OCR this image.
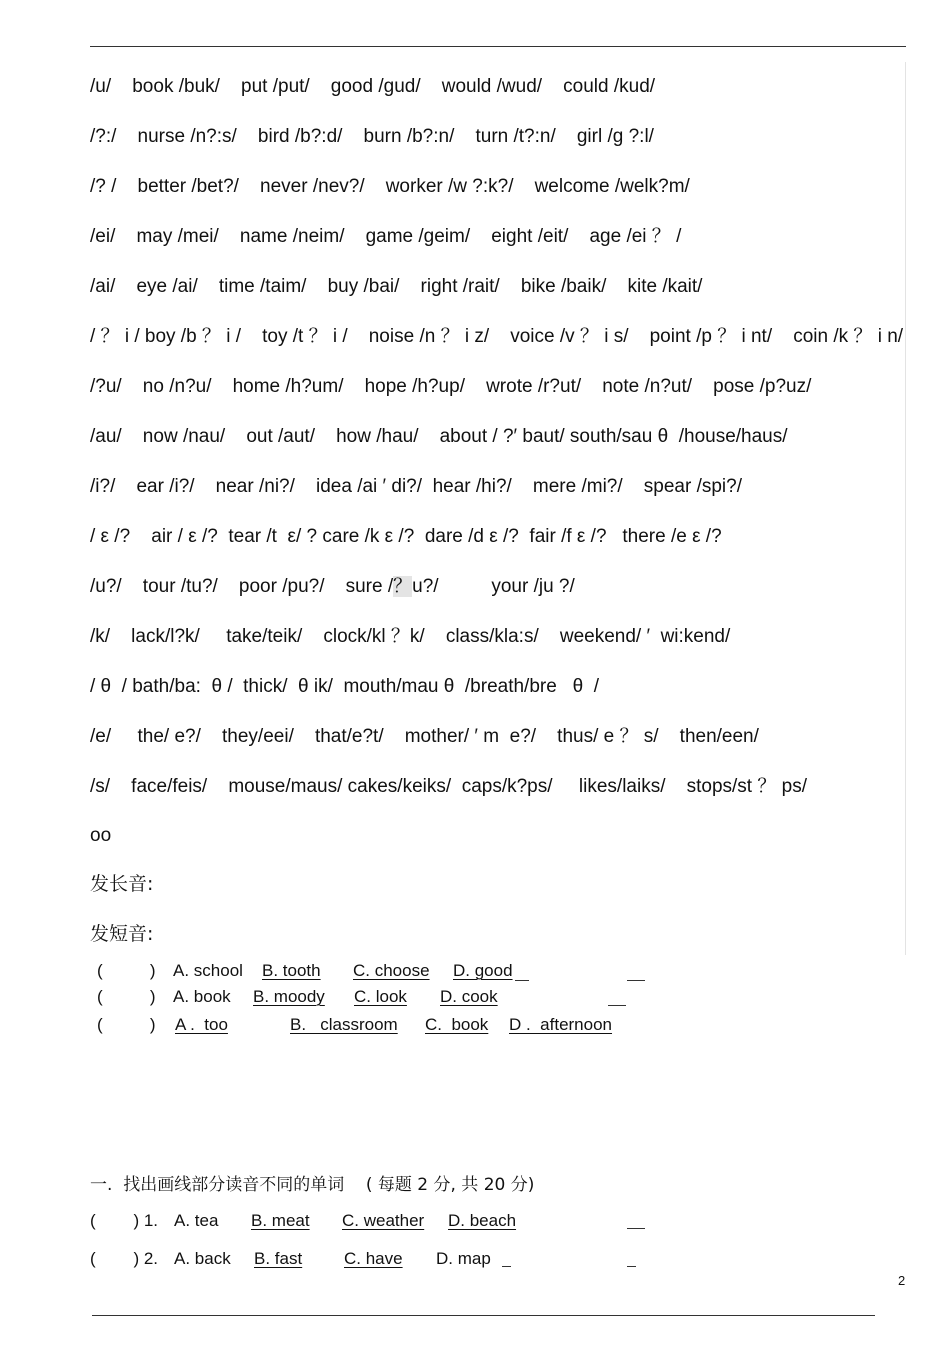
/u/    book /buk/    put /put/    good /gud/    would /wud/    could /kud/
/?:/    nurse /n?:s/    bird /b?:d/    burn /b?:n/    turn /t?:n/    girl /g ?:l/
/? /    better /bet?/    never /nev?/    worker /w ?:k?/    welcome /welk?m/
/ei/    may /mei/    name /neim/    game /geim/    eight /eit/    age /ei ？ /
/ai/    eye /ai/    time /taim/    buy /bai/    right /rait/    bike /baik/    kite /kait/
/ ？ i / boy /b ？ i /    toy /t ？ i /    noise /n ？ i z/    voice /v ？ i s/    point /p ？ i nt/    coin /k ？ i n/
/?u/    no /n?u/    home /h?um/    hope /h?up/    wrote /r?ut/    note /n?ut/    pose /p?uz/
/au/    now /nau/    out /aut/    how /hau/    about / ?′ baut/ south/sau θ  /house/haus/
/i?/    ear /i?/    near /ni?/    idea /ai ′ di?/  hear /hi?/    mere /mi?/    spear /spi?/
/ ε /?    air / ε /?  tear /t  ε/ ? care /k ε /?  dare /d ε /?  fair /f ε /?   there /e ε /?
/u?/    tour /tu?/    poor /pu?/    sure /？u?/          your /ju ?/
/k/    lack/l?k/     take/teik/    clock/kl ？k/    class/kla:s/    weekend/ ′  wi:kend/
/ θ  / bath/ba:  θ /  thick/  θ ik/  mouth/mau θ  /breath/bre   θ  /
/e/     the/ e?/    they/eei/    that/e?t/    mother/ ′ m  e?/    thus/ e ？ s/    then/een/
/s/    face/feis/    mouse/maus/ cakes/keiks/  caps/k?ps/     likes/laiks/    stops/st ？ ps/
oo
发长音:
发短音:
(          ) A. school B. tooth C. choose D. good
(          ) A. book B. moody C. look D. cook
(          ) A .  too	B.   classroom C.  book D .  afternoon
一.  找出画线部分读音不同的单词    ( 每题 2 分, 共 20 分)
(        ) 1. A. tea B. meat C. weather D. beach
(        ) 2. A. back B. fast C. have D. map
2
